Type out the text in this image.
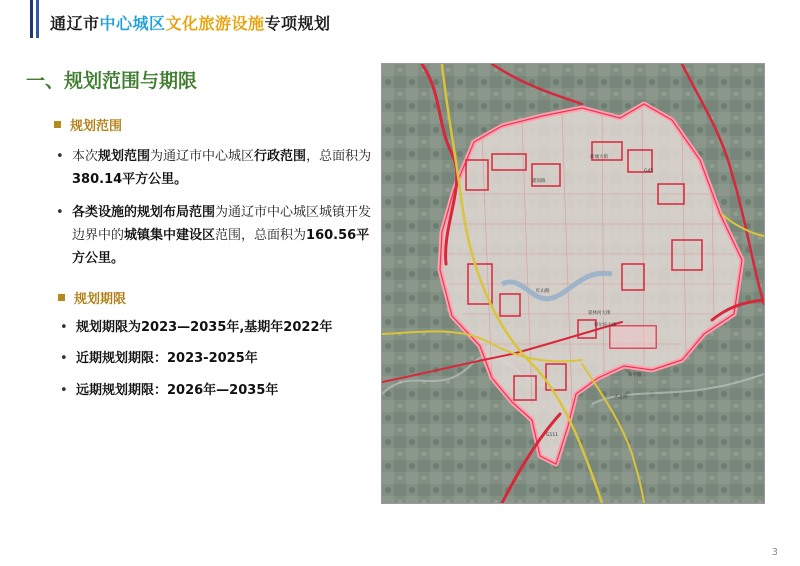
通辽市中心城区文化旅游设施专项规划
一、规划范围与期限
规划范围
• 本次规划范围为通辽市中心城区行政范围，总面积为380.14平方公里。
• 各类设施的规划布局范围为通辽市中心城区城镇开发边界中的城镇集中建设区范围，总面积为160.56平方公里。
规划期限
• 规划期限为2023—2035年,基期年2022年
• 近期规划期限：2023-2025年
• 远期规划期限：2026年—2035年
新城大街
霍林河大街
和平路
红山路
科尔沁大街
建国路
大北路
G45
G111
3
